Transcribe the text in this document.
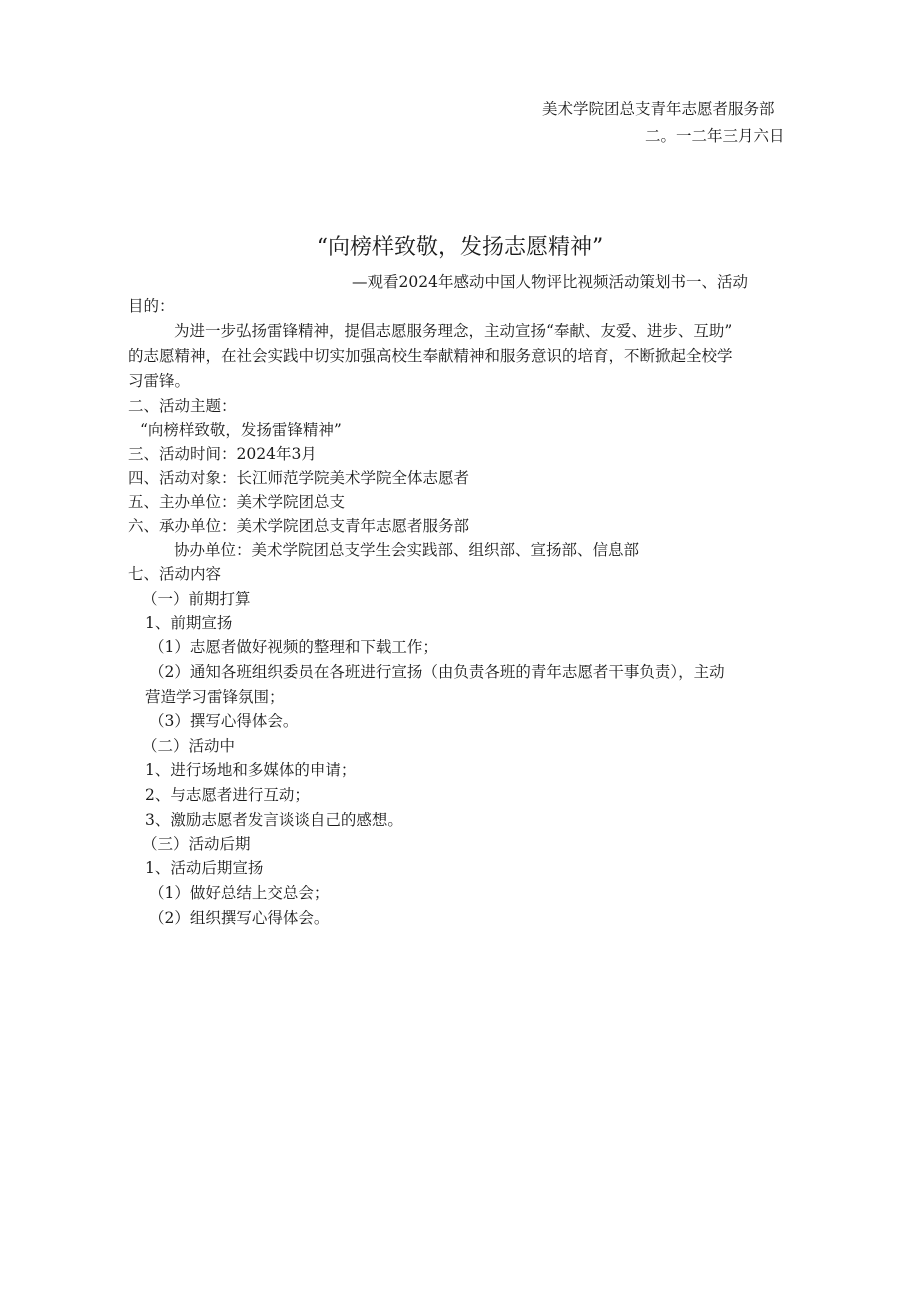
美术学院团总支青年志愿者服务部
二。一二年三月六日
“向榜样致敬，发扬志愿精神”
—观看2024年感动中国人物评比视频活动策划书一、活动
目的：
为进一步弘扬雷锋精神，提倡志愿服务理念，主动宣扬“奉献、友爱、进步、互助”
的志愿精神，在社会实践中切实加强高校生奉献精神和服务意识的培育，不断掀起全校学
习雷锋。
二、活动主题：
“向榜样致敬，发扬雷锋精神”
三、活动时间：2024年3月
四、活动对象：长江师范学院美术学院全体志愿者
五、主办单位：美术学院团总支
六、承办单位：美术学院团总支青年志愿者服务部
协办单位：美术学院团总支学生会实践部、组织部、宣扬部、信息部
七、活动内容
（一）前期打算
1、前期宣扬
（1）志愿者做好视频的整理和下载工作；
（2）通知各班组织委员在各班进行宣扬（由负责各班的青年志愿者干事负责），主动
营造学习雷锋氛围；
（3）撰写心得体会。
（二）活动中
1、进行场地和多媒体的申请；
2、与志愿者进行互动；
3、激励志愿者发言谈谈自己的感想。
（三）活动后期
1、活动后期宣扬
（1）做好总结上交总会；
（2）组织撰写心得体会。
